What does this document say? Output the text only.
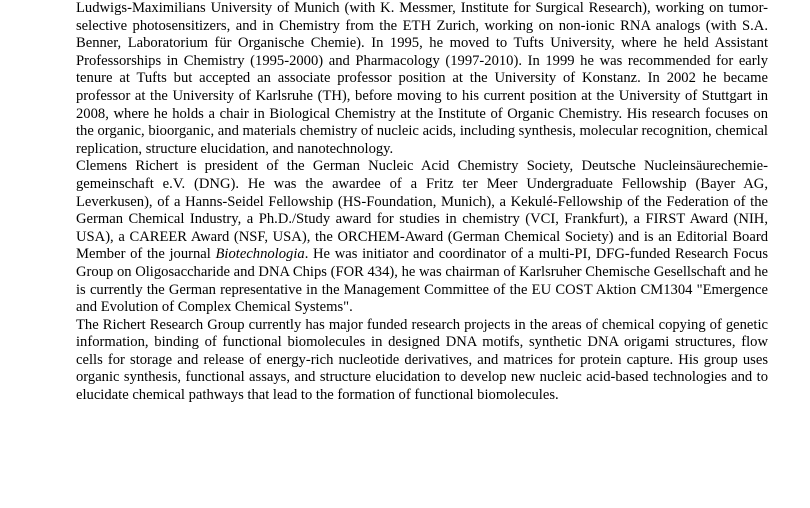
Ludwigs-Maximilians University of Munich (with K. Messmer, Institute for Surgical Research), working on tumor-selective photosensitizers, and in Chemistry from the ETH Zurich, working on non-ionic RNA analogs (with S.A. Benner, Laboratorium für Organische Chemie). In 1995, he moved to Tufts University, where he held Assistant Professorships in Chemistry (1995-2000) and Pharmacology (1997-2010). In 1999 he was recommended for early tenure at Tufts but accepted an associate professor position at the University of Konstanz. In 2002 he became professor at the University of Karlsruhe (TH), before moving to his current position at the University of Stuttgart in 2008, where he holds a chair in Biological Chemistry at the Institute of Organic Chemistry. His research focuses on the organic, bioorganic, and materials chemistry of nucleic acids, including synthesis, molecular recognition, chemical replication, structure elucidation, and nanotechnology.

Clemens Richert is president of the German Nucleic Acid Chemistry Society, Deutsche Nucleinsäurechemie- gemeinschaft e.V. (DNG). He was the awardee of a Fritz ter Meer Undergraduate Fellowship (Bayer AG, Leverkusen), of a Hanns-Seidel Fellowship (HS-Foundation, Munich), a Kekulé-Fellowship of the Federation of the German Chemical Industry, a Ph.D./Study award for studies in chemistry (VCI, Frankfurt), a FIRST Award (NIH, USA), a CAREER Award (NSF, USA), the ORCHEM-Award (German Chemical Society) and is an Editorial Board Member of the journal Biotechnologia. He was initiator and coordinator of a multi-PI, DFG-funded Research Focus Group on Oligosaccharide and DNA Chips (FOR 434), he was chairman of Karlsruher Chemische Gesellschaft and he is currently the German representative in the Management Committee of the EU COST Aktion CM1304 "Emergence and Evolution of Complex Chemical Systems".

The Richert Research Group currently has major funded research projects in the areas of chemical copying of genetic information, binding of functional biomolecules in designed DNA motifs, synthetic DNA origami structures, flow cells for storage and release of energy-rich nucleotide derivatives, and matrices for protein capture. His group uses organic synthesis, functional assays, and structure elucidation to develop new nucleic acid-based technologies and to elucidate chemical pathways that lead to the formation of functional biomolecules.
